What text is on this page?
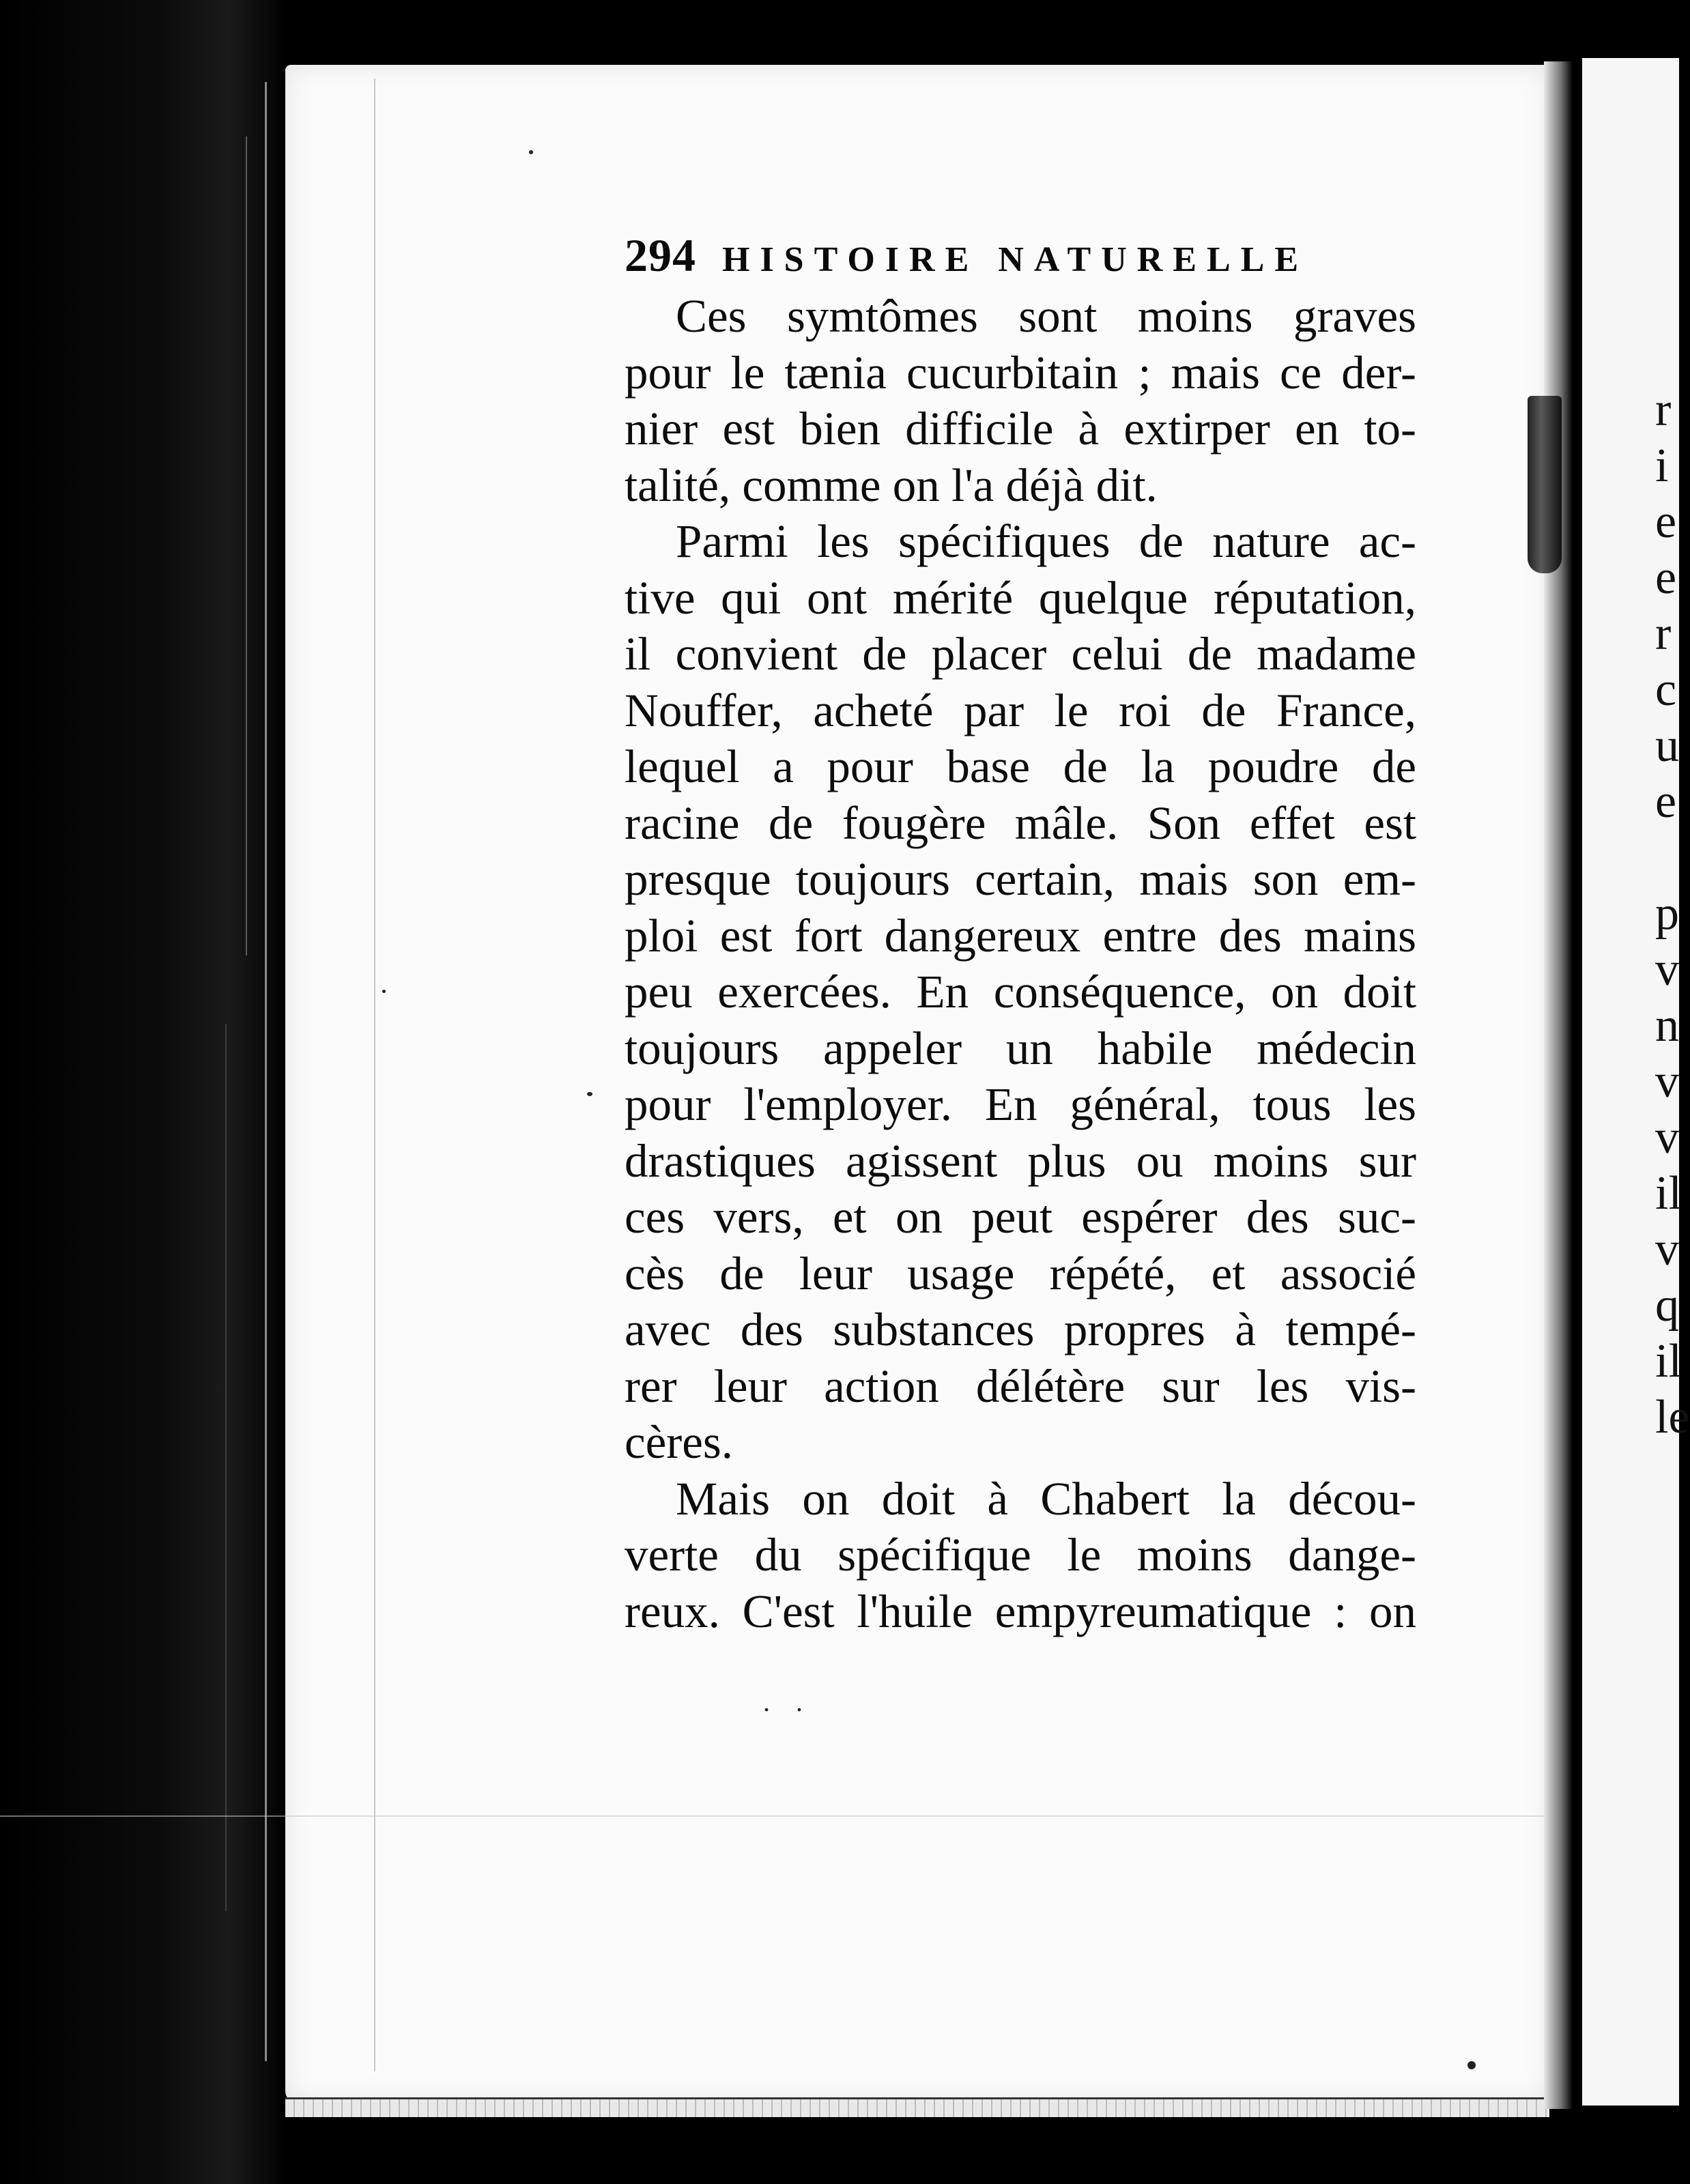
r
i
e
e
r
c
u
e
p
v
n
v
v
il
v
q
il
le
294 HISTOIRE NATURELLE
Ces symtômes sont moins graves
pour le tænia cucurbitain ; mais ce der-
nier est bien difficile à extirper en to-
talité, comme on l'a déjà dit.
Parmi les spécifiques de nature ac-
tive qui ont mérité quelque réputation,
il convient de placer celui de madame
Nouffer, acheté par le roi de France,
lequel a pour base de la poudre de
racine de fougère mâle. Son effet est
presque toujours certain, mais son em-
ploi est fort dangereux entre des mains
peu exercées. En conséquence, on doit
toujours appeler un habile médecin
pour l'employer. En général, tous les
drastiques agissent plus ou moins sur
ces vers, et on peut espérer des suc-
cès de leur usage répété, et associé
avec des substances propres à tempé-
rer leur action délétère sur les vis-
cères.
Mais on doit à Chabert la décou-
verte du spécifique le moins dange-
reux. C'est l'huile empyreumatique : on
. .
